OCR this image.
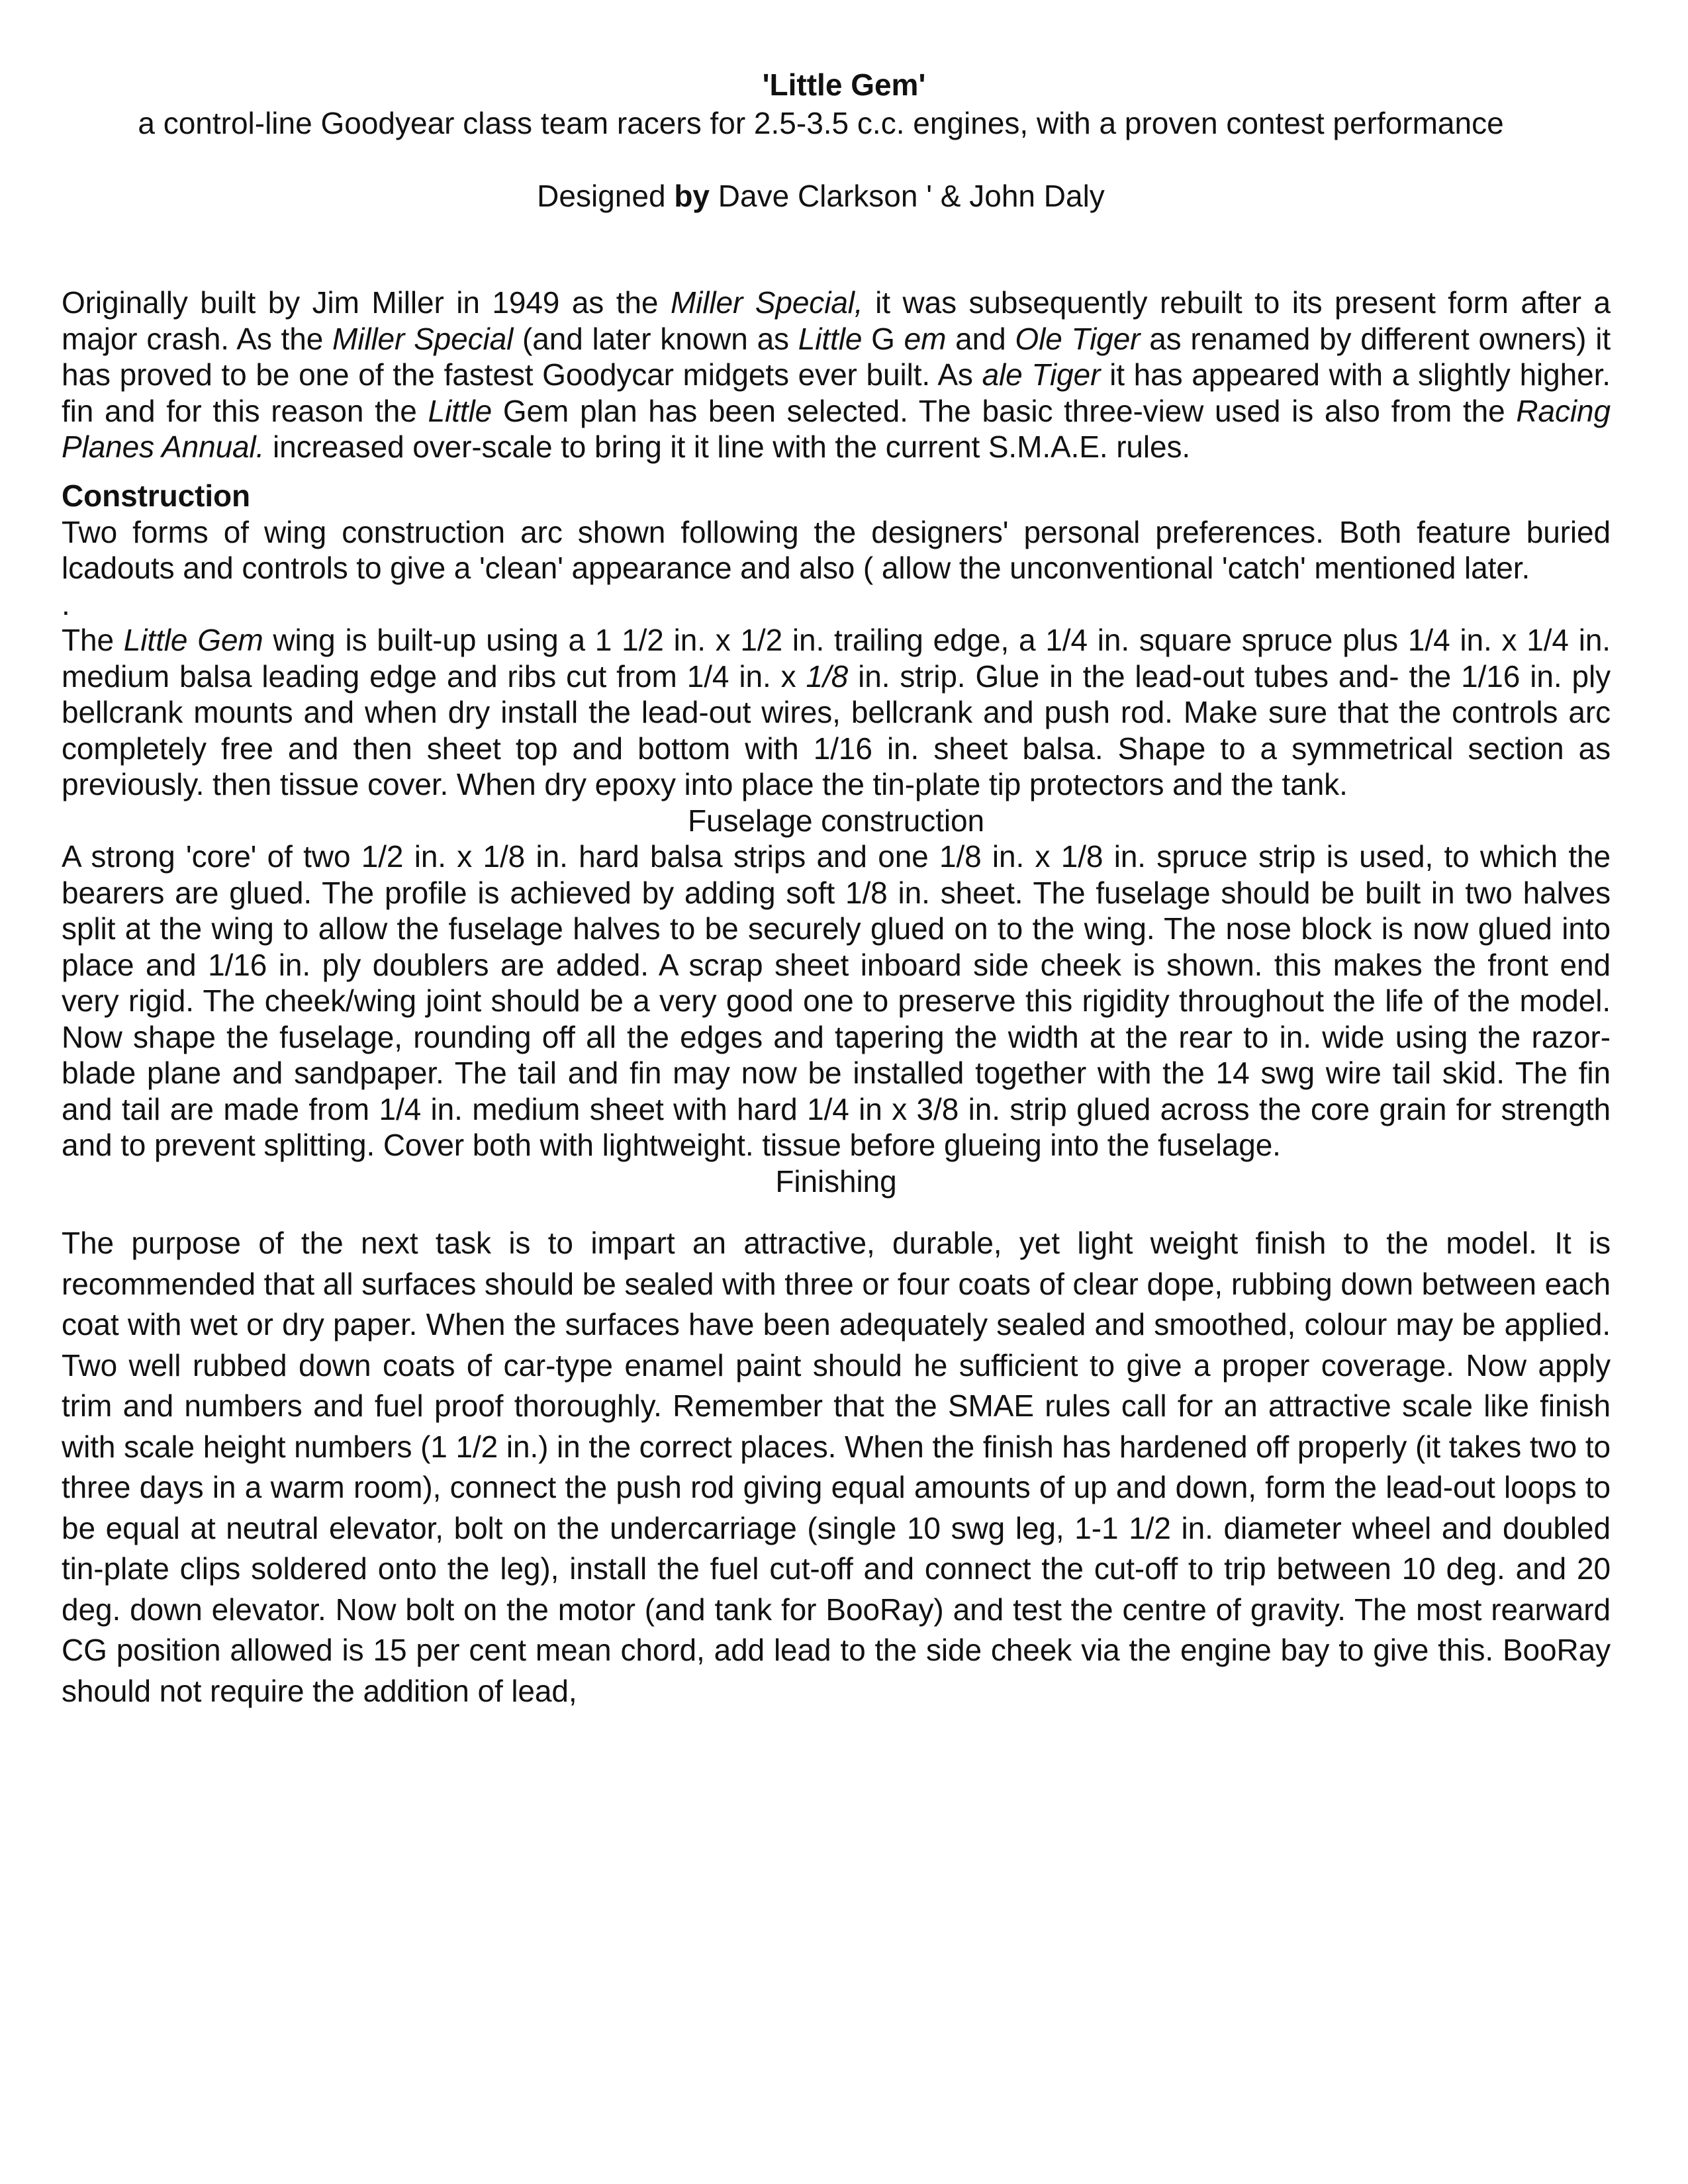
'Little Gem'
a control-line Goodyear class team racers for 2.5-3.5 c.c. engines, with a proven contest performance
Designed by Dave Clarkson ' & John Daly

Originally built by Jim Miller in 1949 as the Miller Special, it was subsequently rebuilt to its present form after a major crash. As the Miller Special (and later known as Little G em and Ole Tiger as renamed by different owners) it has proved to be one of the fastest Goodycar midgets ever built. As ale Tiger it has appeared with a slightly higher. fin and for this reason the Little Gem plan has been selected. The basic three-view used is also from the Racing Planes Annual. increased over-scale to bring it it line with the current S.M.A.E. rules.

Construction

Two forms of wing construction arc shown following the designers' personal preferences. Both feature buried lcadouts and controls to give a 'clean' appearance and also ( allow the unconventional 'catch' mentioned later.

.

The Little Gem wing is built-up using a 1 1/2 in. x 1/2 in. trailing edge, a 1/4 in. square spruce plus 1/4 in. x 1/4 in. medium balsa leading edge and ribs cut from 1/4 in. x 1/8 in. strip. Glue in the lead-out tubes and- the 1/16 in. ply bellcrank mounts and when dry install the lead-out wires, bellcrank and push rod. Make sure that the controls arc completely free and then sheet top and bottom with 1/16 in. sheet balsa. Shape to a symmetrical section as previously. then tissue cover. When dry epoxy into place the tin-plate tip protectors and the tank.

Fuselage construction

A strong 'core' of two 1/2 in. x 1/8 in. hard balsa strips and one 1/8 in. x 1/8 in. spruce strip is used, to which the bearers are glued. The profile is achieved by adding soft 1/8 in. sheet. The fuselage should be built in two halves split at the wing to allow the fuselage halves to be securely glued on to the wing. The nose block is now glued into place and 1/16 in. ply doublers are added. A scrap sheet inboard side cheek is shown. this makes the front end very rigid. The cheek/wing joint should be a very good one to preserve this rigidity throughout the life of the model. Now shape the fuselage, rounding off all the edges and tapering the width at the rear to in. wide using the razor-blade plane and sandpaper. The tail and fin may now be installed together with the 14 swg wire tail skid. The fin and tail are made from 1/4 in. medium sheet with hard 1/4 in x 3/8 in. strip glued across the core grain for strength and to prevent splitting. Cover both with lightweight. tissue before glueing into the fuselage.

Finishing

The purpose of the next task is to impart an attractive, durable, yet light weight finish to the model. It is recommended that all surfaces should be sealed with three or four coats of clear dope, rubbing down between each coat with wet or dry paper. When the surfaces have been adequately sealed and smoothed, colour may be applied. Two well rubbed down coats of car-type enamel paint should he sufficient to give a proper coverage. Now apply trim and numbers and fuel proof thoroughly. Remember that the SMAE rules call for an attractive scale like finish with scale height numbers (1 1/2 in.) in the correct places. When the finish has hardened off properly (it takes two to three days in a warm room), connect the push rod giving equal amounts of up and down, form the lead-out loops to be equal at neutral elevator, bolt on the undercarriage (single 10 swg leg, 1-1 1/2 in. diameter wheel and doubled tin-plate clips soldered onto the leg), install the fuel cut-off and connect the cut-off to trip between 10 deg. and 20 deg. down elevator. Now bolt on the motor (and tank for BooRay) and test the centre of gravity. The most rearward CG position allowed is 15 per cent mean chord, add lead to the side cheek via the engine bay to give this. BooRay should not require the addition of lead,
